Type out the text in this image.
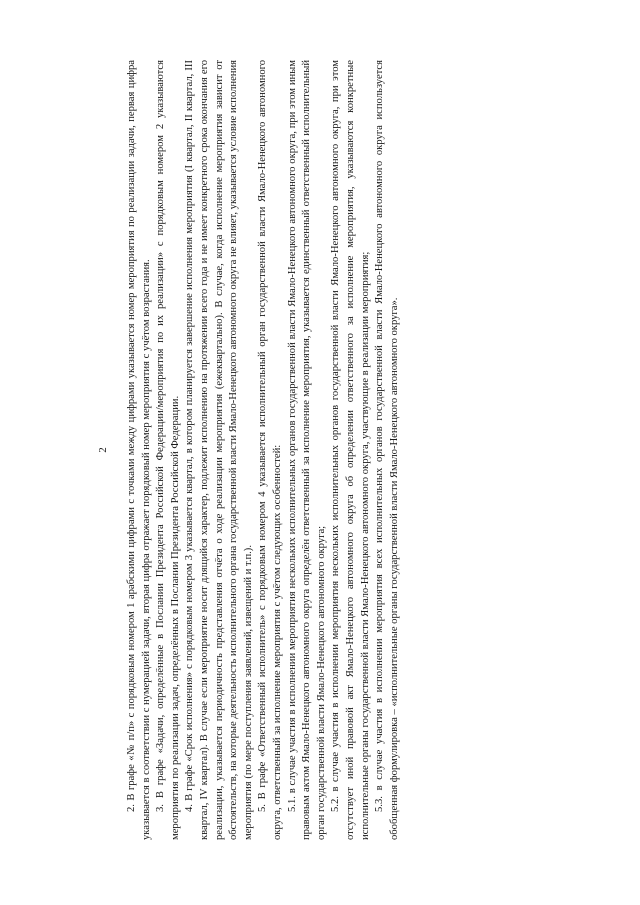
2 2. В графе «№ п/п» с порядковым номером 1 арабскими цифрами с точками между цифрами указывается номер мероприятия по реализации задачи, первая цифра указывается в соответствии с нумерацией задачи, вторая цифра отражает порядковый номер мероприятия с учётом возрастания. 3. В графе «Задачи, определённые в Послании Президента Российской Федерации/мероприятия по их реализации» с порядковым номером 2 указываются мероприятия по реализации задач, определённых в Послании Президента Российской Федерации. 4. В графе «Срок исполнения» с порядковым номером 3 указывается квартал, в котором планируется завершение исполнения мероприятия (I квартал, II квартал, III квартал, IV квартал). В случае если мероприятие носит длящийся характер, подлежит исполнению на протяжении всего года и не имеет конкретного срока окончания его реализации, указывается периодичность представления отчёта о ходе реализации мероприятия (ежеквартально). В случае, когда исполнение мероприятия зависит от обстоятельств, на которые деятельность исполнительного органа государственной власти Ямало-Ненецкого автономного округа не влияет, указывается условие исполнения мероприятия (по мере поступления заявлений, извещений и т.п.). 5. В графе «Ответственный исполнитель» с порядковым номером 4 указывается исполнительный орган государственной власти Ямало-Ненецкого автономного округа, ответственный за исполнение мероприятия с учётом следующих особенностей: 5.1. в случае участия в исполнении мероприятия нескольких исполнительных органов государственной власти Ямало-Ненецкого автономного округа, при этом иным правовым актом Ямало-Ненецкого автономного округа определён ответственный за исполнение мероприятия, указывается единственный ответственный исполнительный орган государственной власти Ямало-Ненецкого автономного округа; 5.2. в случае участия в исполнении мероприятия нескольких исполнительных органов государственной власти Ямало-Ненецкого автономного округа, при этом отсутствует иной правовой акт Ямало-Ненецкого автономного округа об определении ответственного за исполнение мероприятия, указываются конкретные исполнительные органы государственной власти Ямало-Ненецкого автономного округа, участвующие в реализации мероприятия; 5.3. в случае участия в исполнении мероприятия всех исполнительных органов государственной власти Ямало-Ненецкого автономного округа используется обобщенная формулировка – «исполнительные органы государственной власти Ямало-Ненецкого автономного округа».
